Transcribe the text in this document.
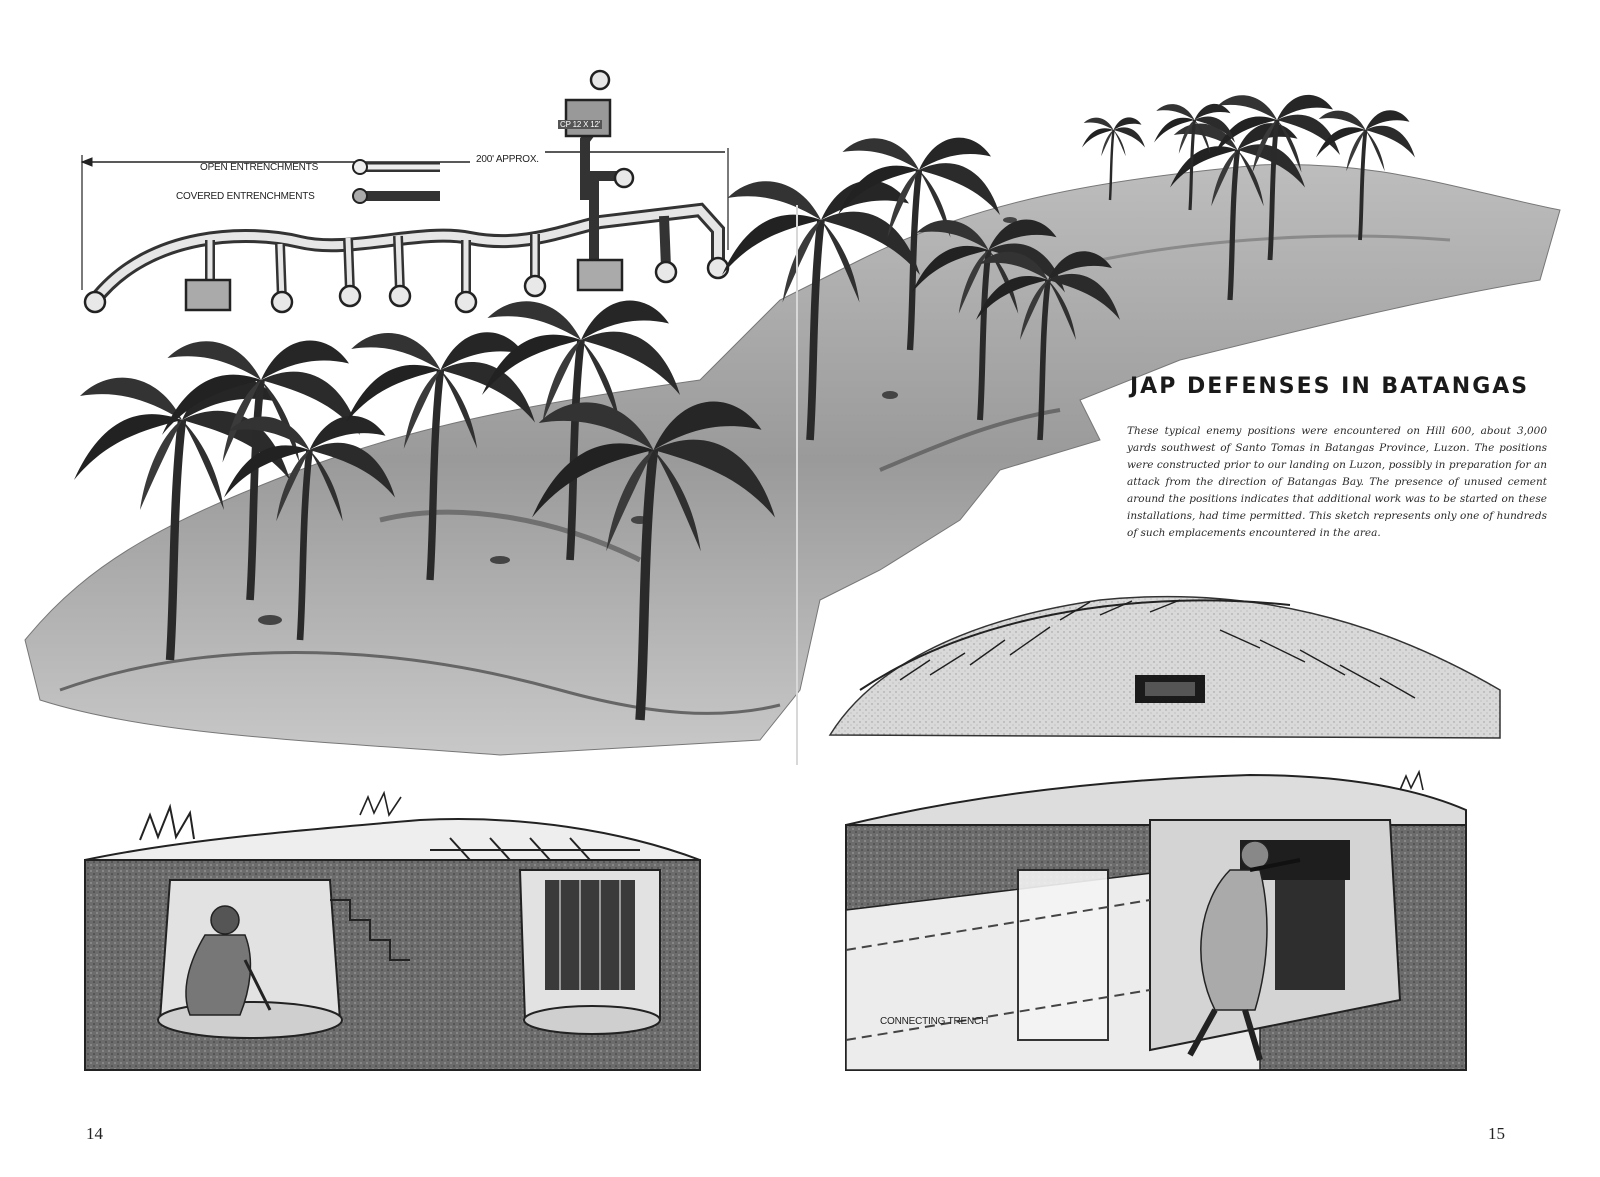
200' APPROX.
CP 12 X 12'
OPEN ENTRENCHMENTS
COVERED ENTRENCHMENTS
JAP DEFENSES IN BATANGAS

These typical enemy positions were encountered on Hill 600, about 3,000 yards southwest of Santo Tomas in Batangas Province, Luzon. The positions were constructed prior to our landing on Luzon, possibly in preparation for an attack from the direction of Batangas Bay. The presence of unused cement around the positions indicates that additional work was to be started on these installations, had time permitted. This sketch represents only one of hundreds of such emplacements encountered in the area.

CONNECTING TRENCH
14	15
